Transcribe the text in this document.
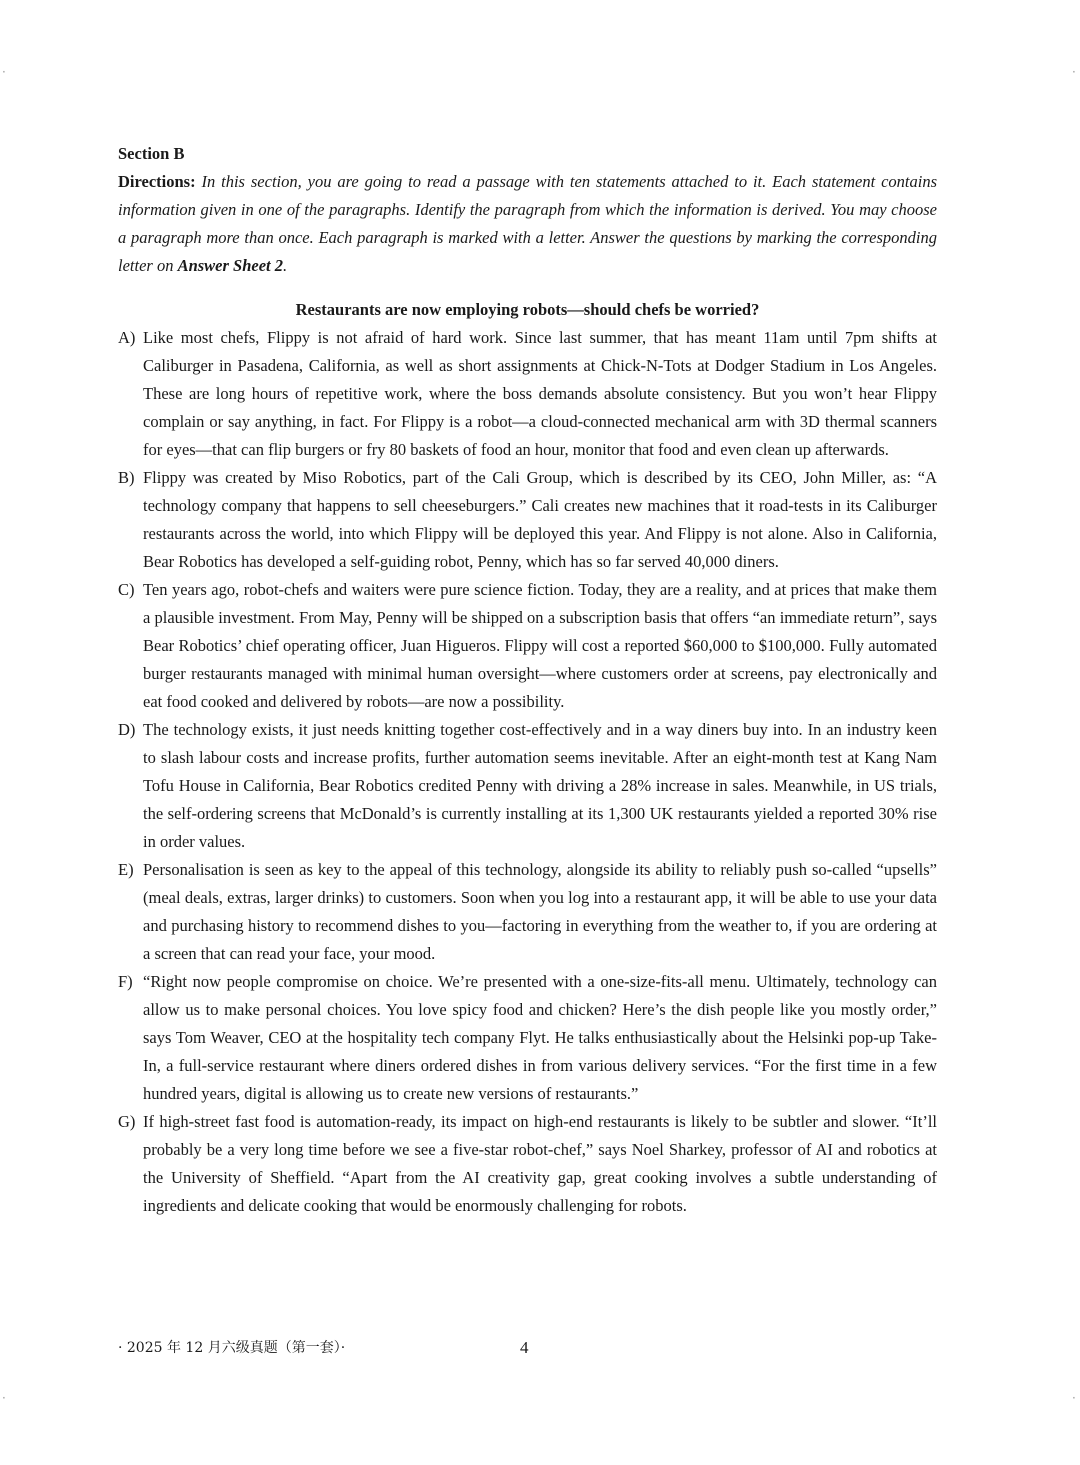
·	·
·	·
Section B
Directions: In this section, you are going to read a passage with ten statements attached to it. Each statement contains information given in one of the paragraphs. Identify the paragraph from which the information is derived. You may choose a paragraph more than once. Each paragraph is marked with a letter. Answer the questions by marking the corresponding letter on Answer Sheet 2.
Restaurants are now employing robots—should chefs be worried?
A) Like most chefs, Flippy is not afraid of hard work. Since last summer, that has meant 11am until 7pm shifts at Caliburger in Pasadena, California, as well as short assignments at Chick-N-Tots at Dodger Stadium in Los Angeles. These are long hours of repetitive work, where the boss demands absolute consistency. But you won’t hear Flippy complain or say anything, in fact. For Flippy is a robot—a cloud-connected mechanical arm with 3D thermal scanners for eyes—that can flip burgers or fry 80 baskets of food an hour, monitor that food and even clean up afterwards.
B) Flippy was created by Miso Robotics, part of the Cali Group, which is described by its CEO, John Miller, as: “A technology company that happens to sell cheeseburgers.” Cali creates new machines that it road-tests in its Caliburger restaurants across the world, into which Flippy will be deployed this year. And Flippy is not alone. Also in California, Bear Robotics has developed a self-guiding robot, Penny, which has so far served 40,000 diners.
C) Ten years ago, robot-chefs and waiters were pure science fiction. Today, they are a reality, and at prices that make them a plausible investment. From May, Penny will be shipped on a subscription basis that offers “an immediate return”, says Bear Robotics’ chief operating officer, Juan Higueros. Flippy will cost a reported $60,000 to $100,000. Fully automated burger restaurants managed with minimal human oversight—where customers order at screens, pay electronically and eat food cooked and delivered by robots—are now a possibility.
D) The technology exists, it just needs knitting together cost-effectively and in a way diners buy into. In an industry keen to slash labour costs and increase profits, further automation seems inevitable. After an eight-month test at Kang Nam Tofu House in California, Bear Robotics credited Penny with driving a 28% increase in sales. Meanwhile, in US trials, the self-ordering screens that McDonald’s is currently installing at its 1,300 UK restaurants yielded a reported 30% rise in order values.
E) Personalisation is seen as key to the appeal of this technology, alongside its ability to reliably push so-called “upsells” (meal deals, extras, larger drinks) to customers. Soon when you log into a restaurant app, it will be able to use your data and purchasing history to recommend dishes to you—factoring in everything from the weather to, if you are ordering at a screen that can read your face, your mood.
F) “Right now people compromise on choice. We’re presented with a one-size-fits-all menu. Ultimately, technology can allow us to make personal choices. You love spicy food and chicken? Here’s the dish people like you mostly order,” says Tom Weaver, CEO at the hospitality tech company Flyt. He talks enthusiastically about the Helsinki pop-up Take-In, a full-service restaurant where diners ordered dishes in from various delivery services. “For the first time in a few hundred years, digital is allowing us to create new versions of restaurants.”
G) If high-street fast food is automation-ready, its impact on high-end restaurants is likely to be subtler and slower. “It’ll probably be a very long time before we see a five-star robot-chef,” says Noel Sharkey, professor of AI and robotics at the University of Sheffield. “Apart from the AI creativity gap, great cooking involves a subtle understanding of ingredients and delicate cooking that would be enormously challenging for robots.
· 2025 年 12 月六级真题（第一套）·	4
